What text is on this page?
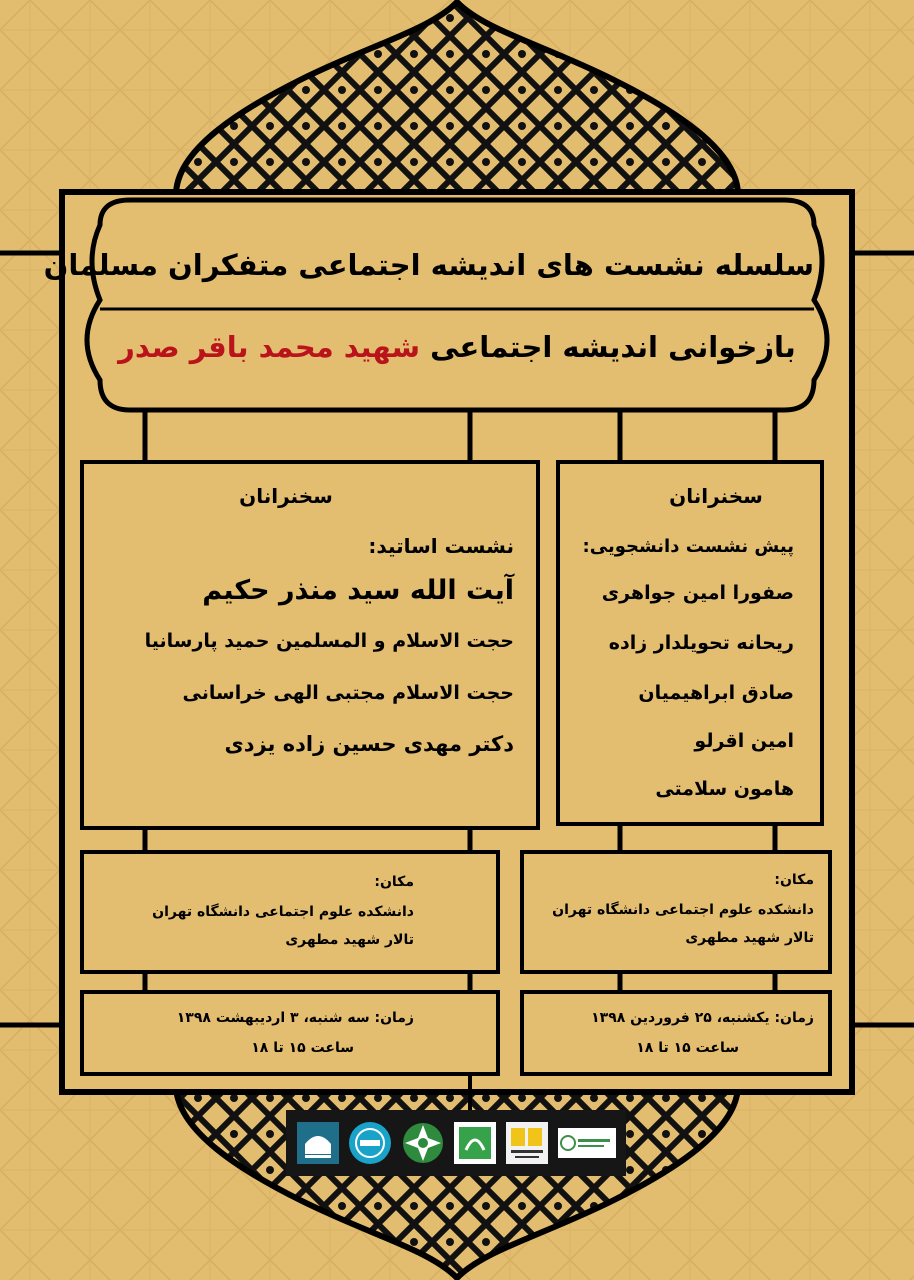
سلسله نشست های اندیشه اجتماعی متفکران مسلمان
بازخوانی اندیشه اجتماعی شهید محمد باقر صدر
سخنرانان
نشست اساتید:
آیت الله سید منذر حکیم
حجت الاسلام و المسلمین حمید پارسانیا
حجت الاسلام مجتبی الهی خراسانی
دکتر مهدی حسین زاده یزدی
سخنرانان
پیش نشست دانشجویی:
صفورا امین جواهری
ریحانه تحویلدار زاده
صادق ابراهیمیان
امین اقرلو
هامون سلامتی
مکان:
دانشکده علوم اجتماعی دانشگاه تهران
تالار شهید مطهری
مکان:
دانشکده علوم اجتماعی دانشگاه تهران
تالار شهید مطهری
زمان: سه شنبه، ۳ اردیبهشت ۱۳۹۸
ساعت ۱۵ تا ۱۸
زمان: یکشنبه، ۲۵ فروردین ۱۳۹۸
ساعت ۱۵ تا ۱۸
